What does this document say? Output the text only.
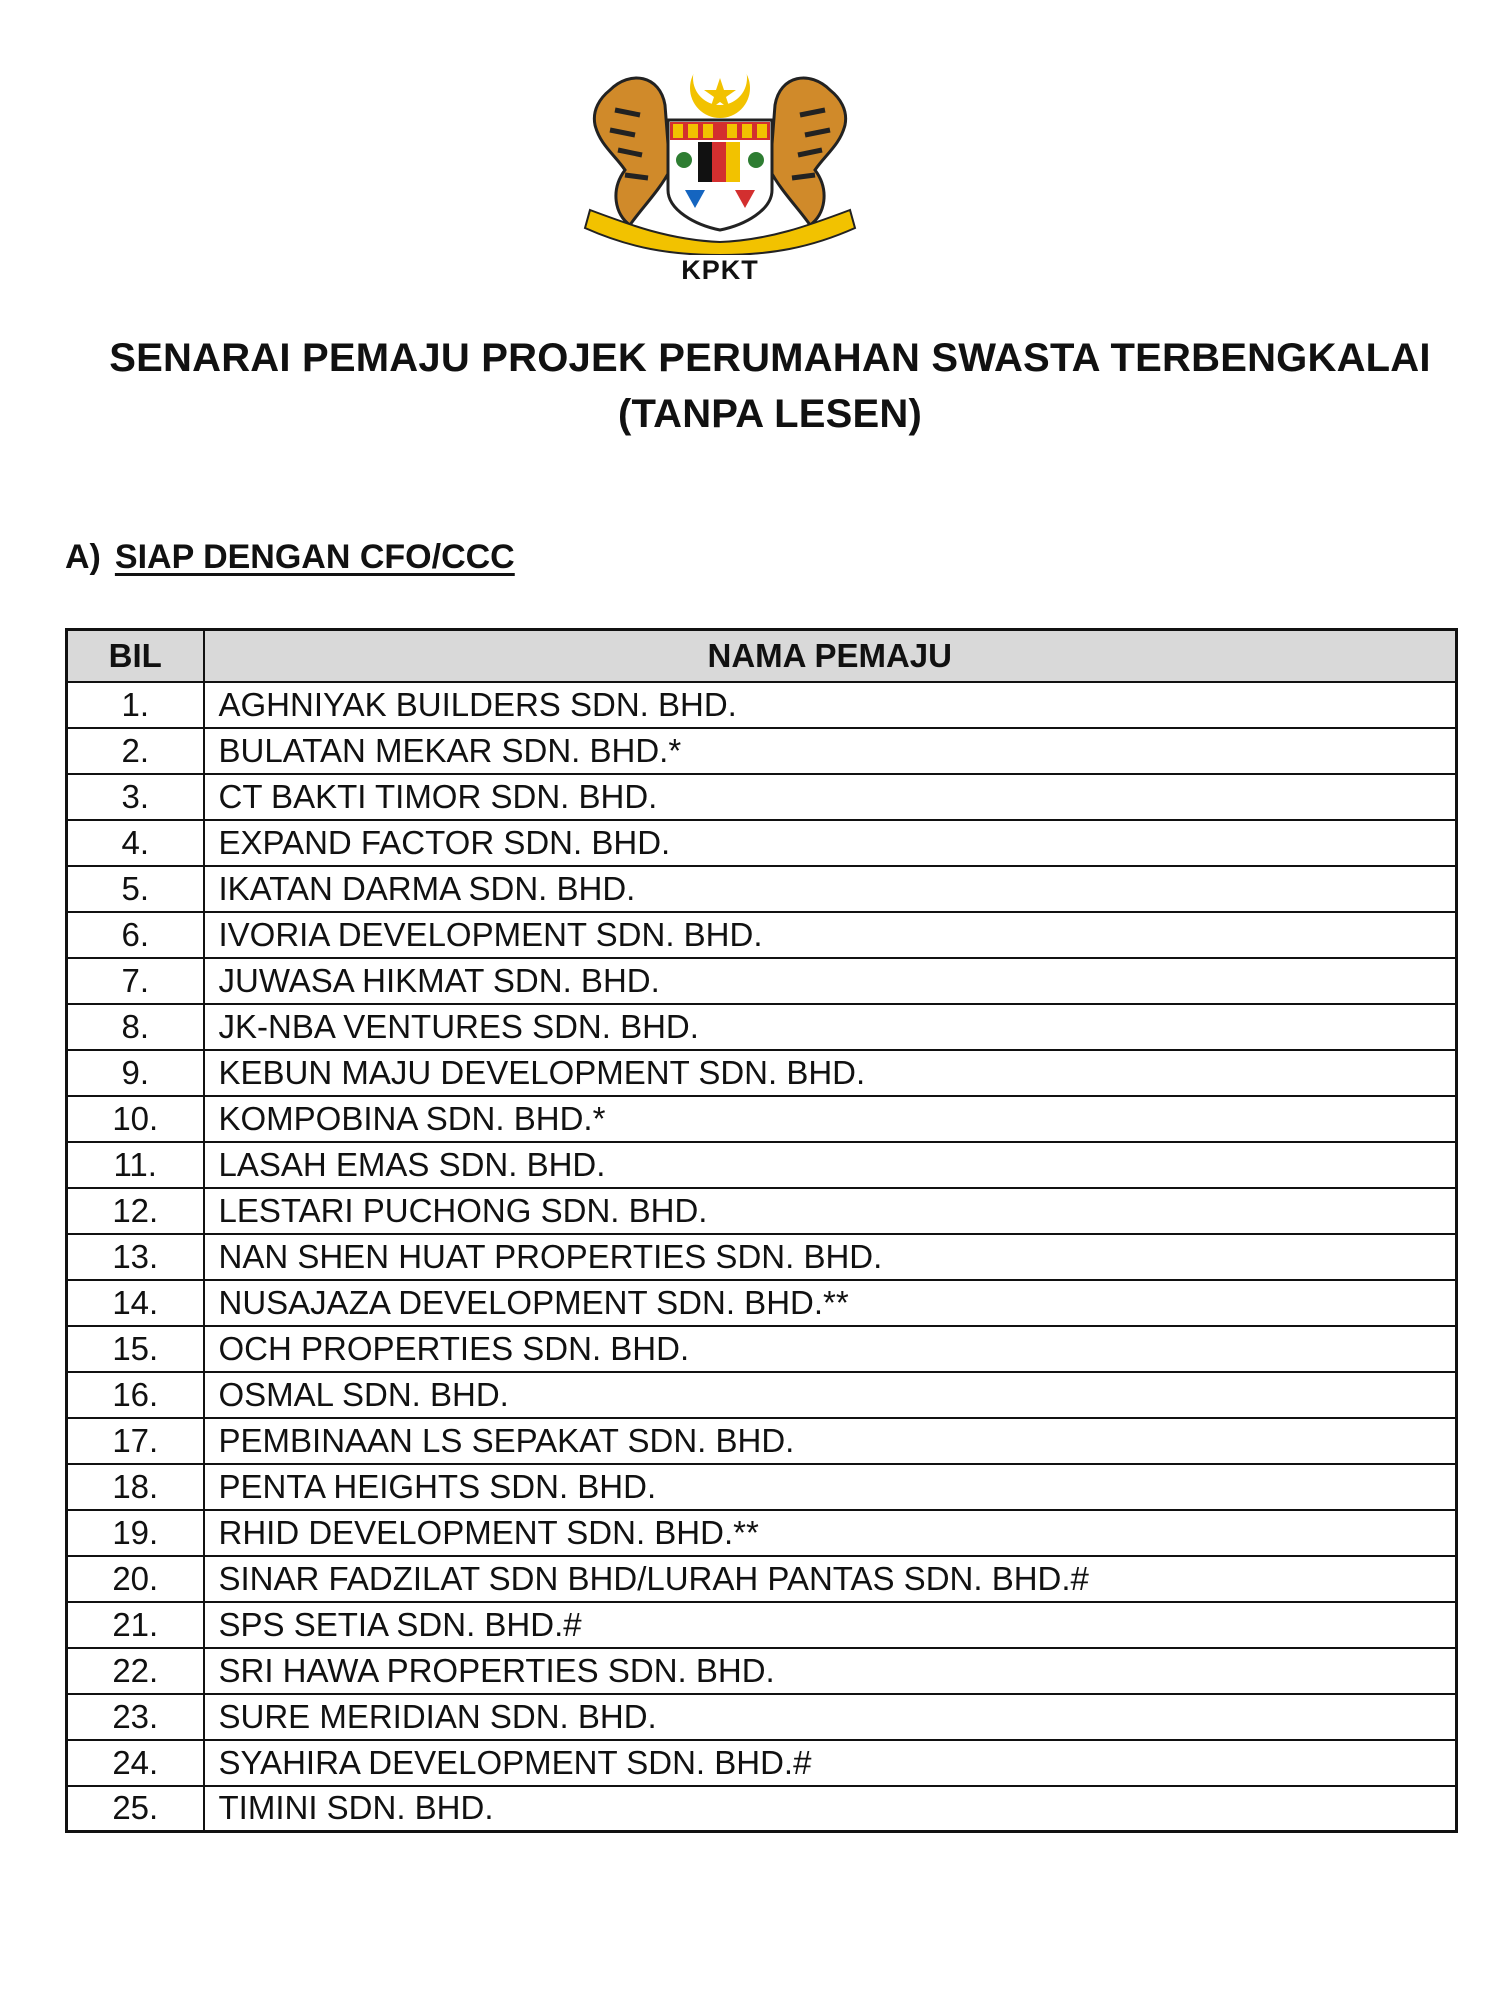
KPKT
SENARAI PEMAJU PROJEK PERUMAHAN SWASTA TERBENGKALAI
(TANPA LESEN)
A) SIAP DENGAN CFO/CCC
BIL	NAMA PEMAJU
1.	AGHNIYAK BUILDERS SDN. BHD.
2.	BULATAN MEKAR SDN. BHD.*
3.	CT BAKTI TIMOR SDN. BHD.
4.	EXPAND FACTOR SDN. BHD.
5.	IKATAN DARMA SDN. BHD.
6.	IVORIA DEVELOPMENT SDN. BHD.
7.	JUWASA HIKMAT SDN. BHD.
8.	JK-NBA VENTURES SDN. BHD.
9.	KEBUN MAJU DEVELOPMENT SDN. BHD.
10.	KOMPOBINA SDN. BHD.*
11.	LASAH EMAS SDN. BHD.
12.	LESTARI PUCHONG SDN. BHD.
13.	NAN SHEN HUAT PROPERTIES SDN. BHD.
14.	NUSAJAZA DEVELOPMENT SDN. BHD.**
15.	OCH PROPERTIES SDN. BHD.
16.	OSMAL SDN. BHD.
17.	PEMBINAAN LS SEPAKAT SDN. BHD.
18.	PENTA HEIGHTS SDN. BHD.
19.	RHID DEVELOPMENT SDN. BHD.**
20.	SINAR FADZILAT SDN BHD/LURAH PANTAS SDN. BHD.#
21.	SPS SETIA SDN. BHD.#
22.	SRI HAWA PROPERTIES SDN. BHD.
23.	SURE MERIDIAN SDN. BHD.
24.	SYAHIRA DEVELOPMENT SDN. BHD.#
25.	TIMINI SDN. BHD.
